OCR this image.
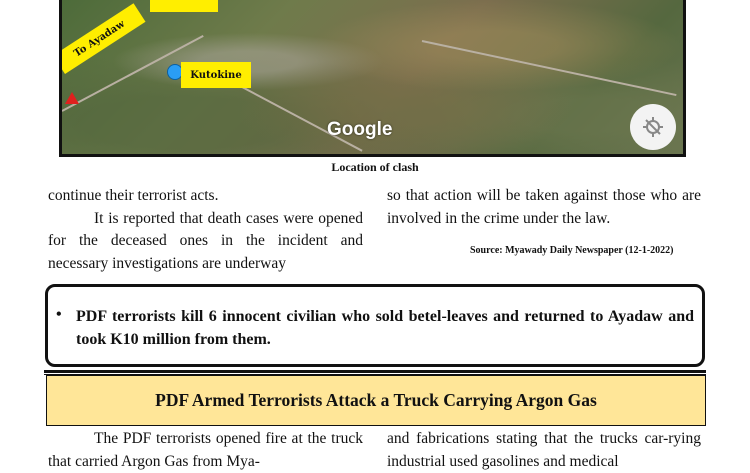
To Ayadaw
Kutokine
Google
Location of clash

continue their terrorist acts.

It is reported that death cases were opened for the deceased ones in the incident and necessary investigations are underway

so that action will be taken against those who are involved in the crime under the law.

Source: Myawady Daily Newspaper (12-1-2022)
• PDF terrorists kill 6 innocent civilian who sold betel-leaves and returned to Ayadaw and took K10 million from them.
PDF Armed Terrorists Attack a Truck Carrying Argon Gas

The PDF terrorists opened fire at the truck that carried Argon Gas from Mya-

and fabrications stating that the trucks car-rying industrial used gasolines and medical
